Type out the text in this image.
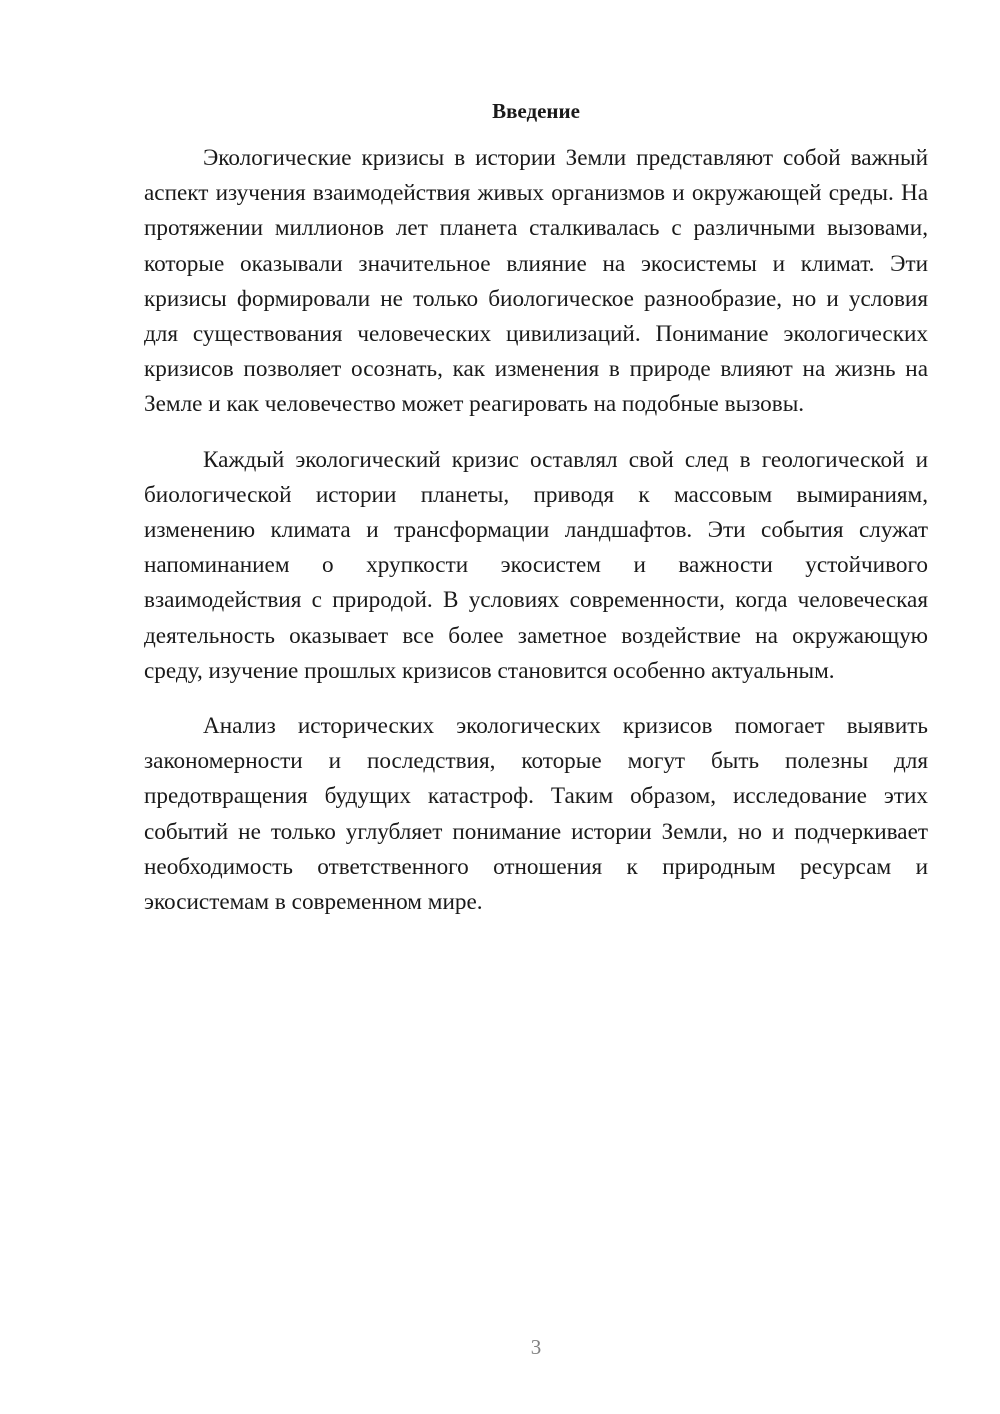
Введение

Экологические кризисы в истории Земли представляют собой важный аспект изучения взаимодействия живых организмов и окружающей среды. На протяжении миллионов лет планета сталкивалась с различными вызовами, которые оказывали значительное влияние на экосистемы и климат. Эти кризисы формировали не только биологическое разнообразие, но и условия для существования человеческих цивилизаций. Понимание экологических кризисов позволяет осознать, как изменения в природе влияют на жизнь на Земле и как человечество может реагировать на подобные вызовы.

Каждый экологический кризис оставлял свой след в геологической и биологической истории планеты, приводя к массовым вымираниям, изменению климата и трансформации ландшафтов. Эти события служат напоминанием о хрупкости экосистем и важности устойчивого взаимодействия с природой. В условиях современности, когда человеческая деятельность оказывает все более заметное воздействие на окружающую среду, изучение прошлых кризисов становится особенно актуальным.

Анализ исторических экологических кризисов помогает выявить закономерности и последствия, которые могут быть полезны для предотвращения будущих катастроф. Таким образом, исследование этих событий не только углубляет понимание истории Земли, но и подчеркивает необходимость ответственного отношения к природным ресурсам и экосистемам в современном мире.

3
